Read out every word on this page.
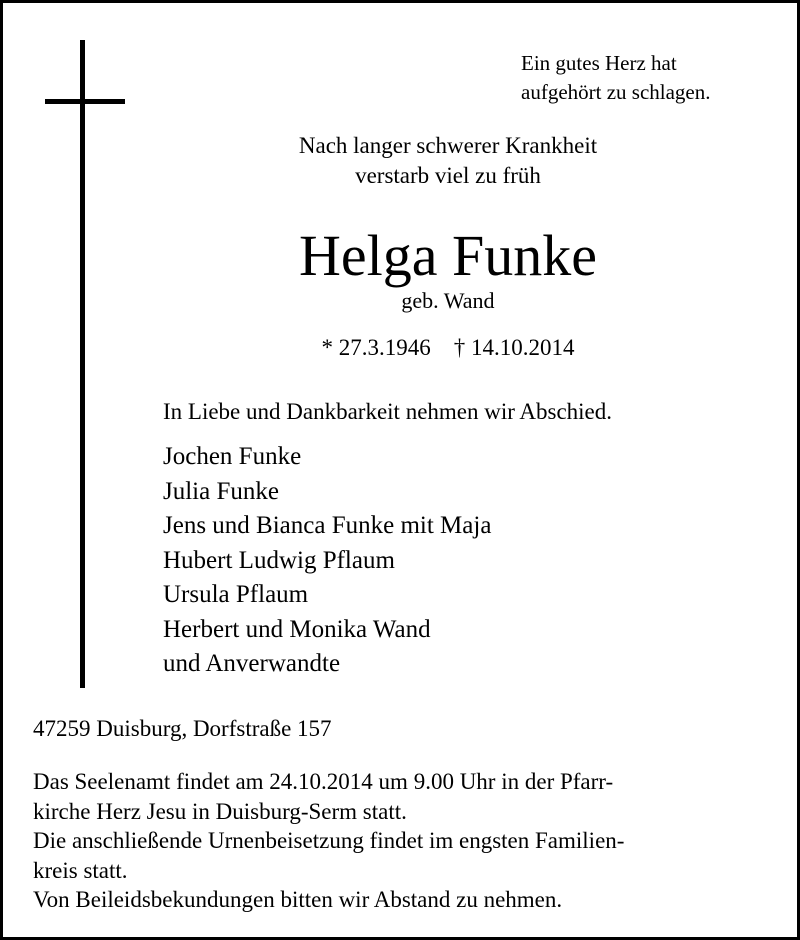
Ein gutes Herz hat
aufgehört zu schlagen.
Nach langer schwerer Krankheit
verstarb viel zu früh
Helga Funke
geb. Wand
* 27.3.1946    † 14.10.2014
In Liebe und Dankbarkeit nehmen wir Abschied.
Jochen Funke
Julia Funke
Jens und Bianca Funke mit Maja
Hubert Ludwig Pflaum
Ursula Pflaum
Herbert und Monika Wand
und Anverwandte
47259 Duisburg, Dorfstraße 157
Das Seelenamt findet am 24.10.2014 um 9.00 Uhr in der Pfarr-
kirche Herz Jesu in Duisburg-Serm statt.
Die anschließende Urnenbeisetzung findet im engsten Familien-
kreis statt.
Von Beileidsbekundungen bitten wir Abstand zu nehmen.
